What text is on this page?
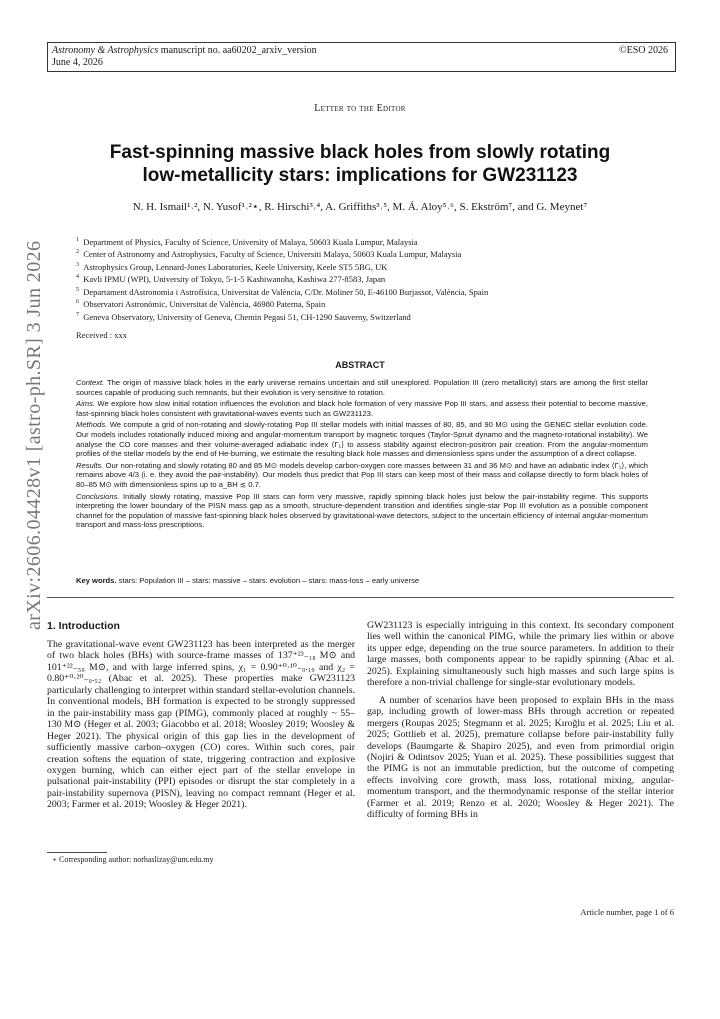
Astronomy & Astrophysics manuscript no. aa60202_arxiv_version
June 4, 2026
©ESO 2026
Letter to the Editor
Fast-spinning massive black holes from slowly rotating
low-metallicity stars: implications for GW231123
N. H. Ismail¹˒², N. Yusof¹˒²⋆, R. Hirschi³˒⁴, A. Griffiths³˒⁵, M. Á. Aloy⁵˒⁶, S. Ekström⁷, and G. Meynet⁷
$^1$ Department of Physics, Faculty of Science, University of Malaya, 50603 Kuala Lumpur, Malaysia
$^2$ Center of Astronomy and Astrophysics, Faculty of Science, Universiti Malaya, 50603 Kuala Lumpur, Malaysia
$^3$ Astrophysics Group, Lennard-Jones Laboratories, Keele University, Keele ST5 5BG, UK
$^4$ Kavli IPMU (WPI), University of Tokyo, 5-1-5 Kashiwanoha, Kashiwa 277-8583, Japan
$^5$ Departament dAstronomia i Astrofísica, Universitat de València, C/Dr. Moliner 50, E-46100 Burjassot, València, Spain
$^6$ Observatori Astronòmic, Universitat de València, 46980 Paterna, Spain
$^7$ Geneva Observatory, University of Geneva, Chemin Pegasi 51, CH-1290 Sauverny, Switzerland
Received : xxx
ABSTRACT

Context. The origin of massive black holes in the early universe remains uncertain and still unexplored. Population III (zero metallicity) stars are among the first stellar sources capable of producing such remnants, but their evolution is very sensitive to rotation.

Aims. We explore how slow initial rotation influences the evolution and black hole formation of very massive Pop III stars, and assess their potential to become massive, fast-spinning black holes consistent with gravitational-waves events such as GW231123.

Methods. We compute a grid of non-rotating and slowly-rotating Pop III stellar models with initial masses of 80, 85, and 90 M⊙ using the GENEC stellar evolution code. Our models includes rotationally induced mixing and angular-momentum transport by magnetic torques (Taylor-Spruit dynamo and the magneto-rotational instability). We analyse the CO core masses and their volume-averaged adiabatic index ⟨Γ₁⟩ to assess stability against electron-positron pair creation. From the angular-momentum profiles of the stellar models by the end of He-burning, we estimate the resulting black hole masses and dimensionless spins under the assumption of a direct collapse.

Results. Our non-rotating and slowly rotating 80 and 85 M⊙ models develop carbon-oxygen core masses between 31 and 36 M⊙ and have an adiabatic index ⟨Γ₁⟩, which remains above 4/3 (i. e. they avoid the pair-instability). Our models thus predict that Pop III stars can keep most of their mass and collapse directly to form black holes of 80–85 M⊙ with dimensionless spins up to a_BH ≲ 0.7.

Conclusions. Initially slowly rotating, massive Pop III stars can form very massive, rapidly spinning black holes just below the pair-instability regime. This supports interpreting the lower boundary of the PISN mass gap as a smooth, structure-dependent transition and identifies single-star Pop III evolution as a possible component channel for the population of massive fast-spinning black holes observed by gravitational-wave detectors, subject to the uncertain efficiency of internal angular-momentum transport and mass-loss prescriptions.

Key words. stars: Population III – stars: massive – stars: evolution – stars: mass-loss – early universe
arXiv:2606.04428v1 [astro-ph.SR] 3 Jun 2026 1. Introduction

The gravitational-wave event GW231123 has been interpreted as the merger of two black holes (BHs) with source-frame masses of 137⁺²³₋₁₈ M⊙ and 101⁺²²₋₅₀ M⊙, and with large inferred spins, χ₁ = 0.90⁺⁰·¹⁰₋₀.₁₉ and χ₂ = 0.80⁺⁰·²⁰₋₀.₅₂ (Abac et al. 2025). These properties make GW231123 particularly challenging to interpret within standard stellar-evolution channels. In conventional models, BH formation is expected to be strongly suppressed in the pair-instability mass gap (PIMG), commonly placed at roughly ~ 55–130 M⊙ (Heger et al. 2003; Giacobbo et al. 2018; Woosley 2019; Woosley & Heger 2021). The physical origin of this gap lies in the development of sufficiently massive carbon–oxygen (CO) cores. Within such cores, pair creation softens the equation of state, triggering contraction and explosive oxygen burning, which can either eject part of the stellar envelope in pulsational pair-instability (PPI) episodes or disrupt the star completely in a pair-instability supernova (PISN), leaving no compact remnant (Heger et al. 2003; Farmer et al. 2019; Woosley & Heger 2021).

GW231123 is especially intriguing in this context. Its secondary component lies well within the canonical PIMG, while the primary lies within or above its upper edge, depending on the true source parameters. In addition to their large masses, both components appear to be rapidly spinning (Abac et al. 2025). Explaining simultaneously such high masses and such large spins is therefore a non-trivial challenge for single-star evolutionary models.

A number of scenarios have been proposed to explain BHs in the mass gap, including growth of lower-mass BHs through accretion or repeated mergers (Roupas 2025; Stegmann et al. 2025; Kıroğlu et al. 2025; Liu et al. 2025; Gottlieb et al. 2025), premature collapse before pair-instability fully develops (Baumgarte & Shapiro 2025), and even from primordial origin (Nojiri & Odintsov 2025; Yuan et al. 2025). These possibilities suggest that the PIMG is not an immutable prediction, but the outcome of competing effects involving core growth, mass loss, rotational mixing, angular-momentum transport, and the thermodynamic response of the stellar interior (Farmer et al. 2019; Renzo et al. 2020; Woosley & Heger 2021). The difficulty of forming BHs in

⋆ Corresponding author: norhaslizay@um.edu.my
Article number, page 1 of 6
